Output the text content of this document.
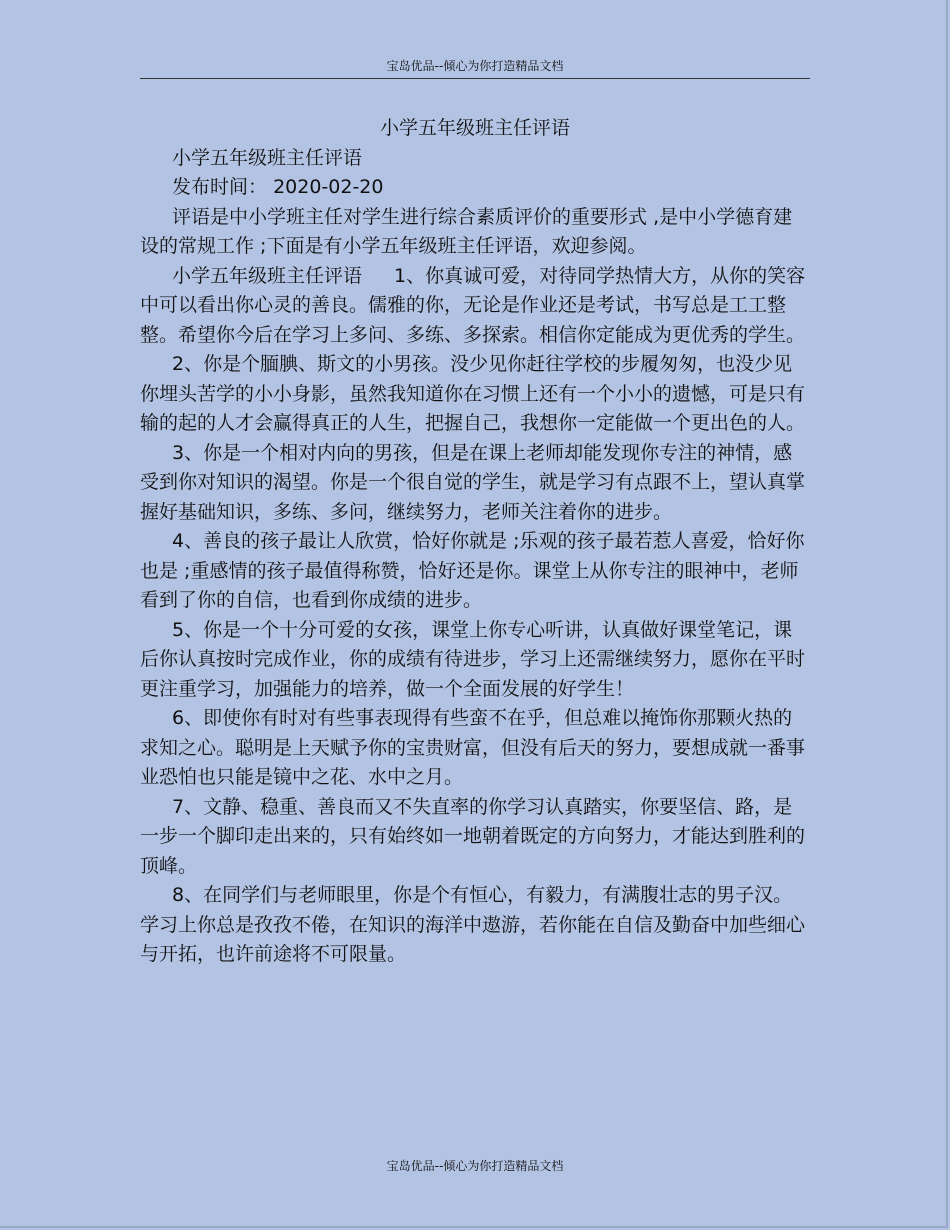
宝岛优品--倾心为你打造精品文档

小学五年级班主任评语

小学五年级班主任评语

发布时间： 2020-02-20

评语是中小学班主任对学生进行综合素质评价的重要形式 ,是中小学德育建设的常规工作 ;下面是有小学五年级班主任评语，欢迎参阅。

小学五年级班主任评语 1、你真诚可爱，对待同学热情大方，从你的笑容中可以看出你心灵的善良。儒雅的你，无论是作业还是考试，书写总是工工整整。希望你今后在学习上多问、多练、多探索。相信你定能成为更优秀的学生。

2、你是个腼腆、斯文的小男孩。没少见你赶往学校的步履匆匆，也没少见你埋头苦学的小小身影，虽然我知道你在习惯上还有一个小小的遗憾，可是只有输的起的人才会赢得真正的人生，把握自己，我想你一定能做一个更出色的人。

3、你是一个相对内向的男孩，但是在课上老师却能发现你专注的神情，感受到你对知识的渴望。你是一个很自觉的学生，就是学习有点跟不上，望认真掌握好基础知识，多练、多问，继续努力，老师关注着你的进步。

4、善良的孩子最让人欣赏，恰好你就是 ;乐观的孩子最若惹人喜爱，恰好你也是 ;重感情的孩子最值得称赞，恰好还是你。课堂上从你专注的眼神中，老师看到了你的自信，也看到你成绩的进步。

5、你是一个十分可爱的女孩，课堂上你专心听讲，认真做好课堂笔记，课后你认真按时完成作业，你的成绩有待进步，学习上还需继续努力，愿你在平时更注重学习，加强能力的培养，做一个全面发展的好学生！

6、即使你有时对有些事表现得有些蛮不在乎，但总难以掩饰你那颗火热的求知之心。聪明是上天赋予你的宝贵财富，但没有后天的努力，要想成就一番事业恐怕也只能是镜中之花、水中之月。

7、文静、稳重、善良而又不失直率的你学习认真踏实，你要坚信、路，是一步一个脚印走出来的，只有始终如一地朝着既定的方向努力，才能达到胜利的顶峰。

8、在同学们与老师眼里，你是个有恒心，有毅力，有满腹壮志的男子汉。学习上你总是孜孜不倦，在知识的海洋中遨游，若你能在自信及勤奋中加些细心与开拓，也许前途将不可限量。

宝岛优品--倾心为你打造精品文档
